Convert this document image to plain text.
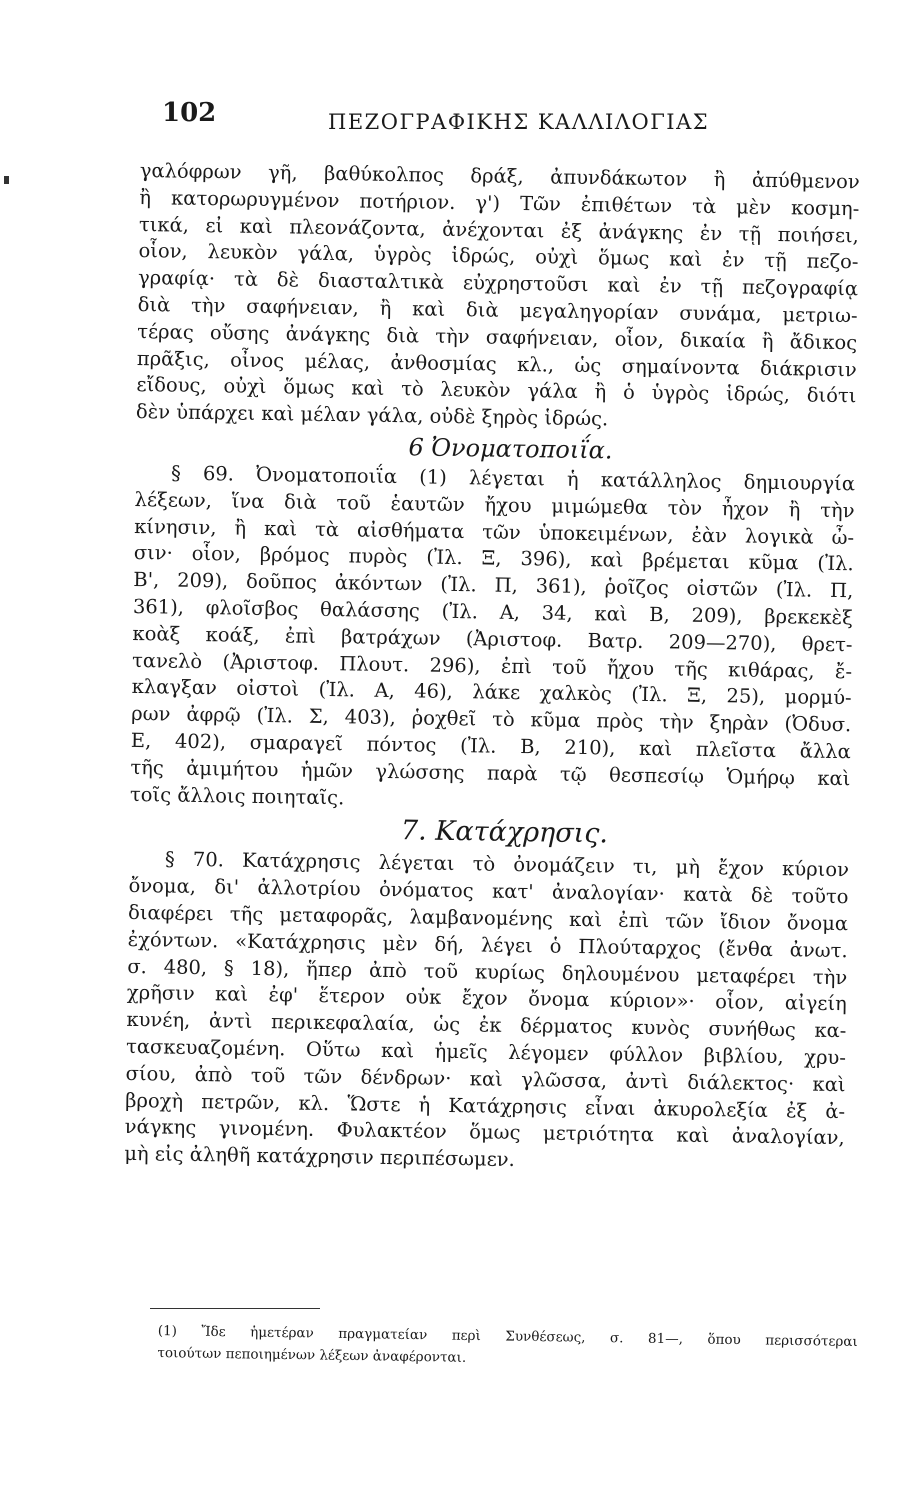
102	ΠΕΖΟΓΡΑΦΙΚΗΣ ΚΑΛΛΙΛΟΓΙΑΣ
γαλόφρων γῆ, βαθύκολπος δράξ, ἀπυνδάκωτον ἢ ἀπύθμενον
ἢ κατορωρυγμένον ποτήριον. γ') Τῶν ἐπιθέτων τὰ μὲν κοσμη-
τικά, εἰ καὶ πλεονάζοντα, ἀνέχονται ἐξ ἀνάγκης ἐν τῇ ποιήσει,
οἷον, λευκὸν γάλα, ὑγρὸς ἱδρώς, οὐχὶ ὅμως καὶ ἐν τῇ πεζο-
γραφίᾳ· τὰ δὲ διασταλτικὰ εὐχρηστοῦσι καὶ ἐν τῇ πεζογραφίᾳ
διὰ τὴν σαφήνειαν, ἢ καὶ διὰ μεγαληγορίαν συνάμα, μετριω-
τέρας οὔσης ἀνάγκης διὰ τὴν σαφήνειαν, οἷον, δικαία ἢ ἄδικος
πρᾶξις, οἶνος μέλας, ἀνθοσμίας κλ., ὡς σημαίνοντα διάκρισιν
εἴδους, οὐχὶ ὅμως καὶ τὸ λευκὸν γάλα ἢ ὁ ὑγρὸς ἱδρώς, διότι
δὲν ὑπάρχει καὶ μέλαν γάλα, οὐδὲ ξηρὸς ἱδρώς.
6 Ὀνοματοποιΐα.
§ 69. Ὀνοματοποιΐα (1) λέγεται ἡ κατάλληλος δημιουργία
λέξεων, ἵνα διὰ τοῦ ἑαυτῶν ἤχου μιμώμεθα τὸν ἦχον ἢ τὴν
κίνησιν, ἢ καὶ τὰ αἰσθήματα τῶν ὑποκειμένων, ἐὰν λογικὰ ὦ-
σιν· οἷον, βρόμος πυρὸς (Ἰλ. Ξ, 396), καὶ βρέμεται κῦμα (Ἰλ.
Β', 209), δοῦπος ἀκόντων (Ἰλ. Π, 361), ῥοῖζος οἰστῶν (Ἰλ. Π,
361), φλοῖσβος θαλάσσης (Ἰλ. Α, 34, καὶ Β, 209), βρεκεκὲξ
κοὰξ κοάξ, ἐπὶ βατράχων (Ἀριστοφ. Βατρ. 209—270), θρετ-
τανελὸ (Ἀριστοφ. Πλουτ. 296), ἐπὶ τοῦ ἤχου τῆς κιθάρας, ἔ-
κλαγξαν οἰστοὶ (Ἰλ. Α, 46), λάκε χαλκὸς (Ἰλ. Ξ, 25), μορμύ-
ρων ἀφρῷ (Ἰλ. Σ, 403), ῥοχθεῖ τὸ κῦμα πρὸς τὴν ξηρὰν (Ὀδυσ.
Ε, 402), σμαραγεῖ πόντος (Ἰλ. Β, 210), καὶ πλεῖστα ἄλλα
τῆς ἀμιμήτου ἡμῶν γλώσσης παρὰ τῷ θεσπεσίῳ Ὁμήρῳ καὶ
τοῖς ἄλλοις ποιηταῖς.
7. Κατάχρησις.
§ 70. Κατάχρησις λέγεται τὸ ὀνομάζειν τι, μὴ ἔχον κύριον
ὄνομα, δι' ἀλλοτρίου ὀνόματος κατ' ἀναλογίαν· κατὰ δὲ τοῦτο
διαφέρει τῆς μεταφορᾶς, λαμβανομένης καὶ ἐπὶ τῶν ἴδιον ὄνομα
ἐχόντων. «Κατάχρησις μὲν δή, λέγει ὁ Πλούταρχος (ἔνθα ἀνωτ.
σ. 480, § 18), ἥπερ ἀπὸ τοῦ κυρίως δηλουμένου μεταφέρει τὴν
χρῆσιν καὶ ἐφ' ἕτερον οὐκ ἔχον ὄνομα κύριον»· οἷον, αἰγείη
κυνέη, ἀντὶ περικεφαλαία, ὡς ἐκ δέρματος κυνὸς συνήθως κα-
τασκευαζομένη. Οὕτω καὶ ἡμεῖς λέγομεν φύλλον βιβλίου, χρυ-
σίου, ἀπὸ τοῦ τῶν δένδρων· καὶ γλῶσσα, ἀντὶ διάλεκτος· καὶ
βροχὴ πετρῶν, κλ. Ὥστε ἡ Κατάχρησις εἶναι ἀκυρολεξία ἐξ ἀ-
νάγκης γινομένη. Φυλακτέον ὅμως μετριότητα καὶ ἀναλογίαν,
μὴ εἰς ἀληθῆ κατάχρησιν περιπέσωμεν.
(1) Ἴδε ἡμετέραν πραγματείαν περὶ Συνθέσεως, σ. 81—, ὅπου περισσότεραι
τοιούτων πεποιημένων λέξεων ἀναφέρονται.
